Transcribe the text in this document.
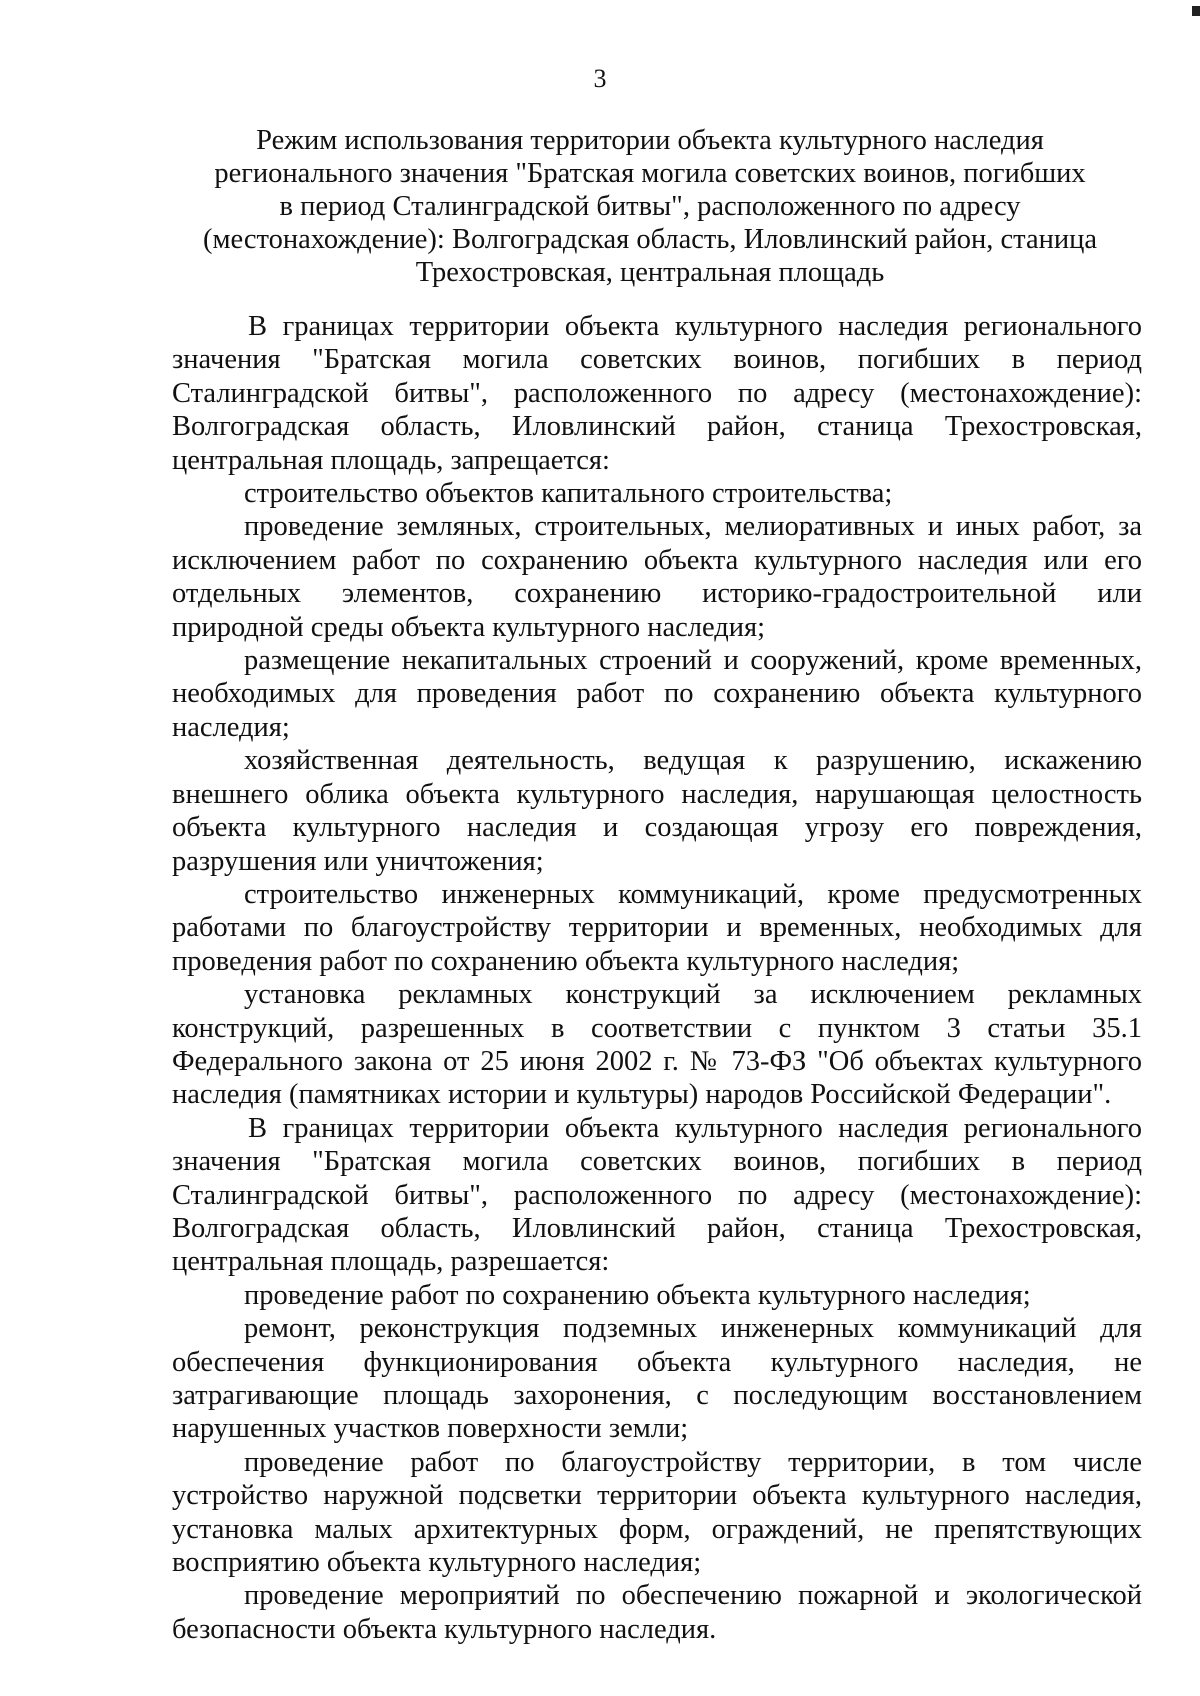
3
Режим использования территории объекта культурного наследия
регионального значения "Братская могила советских воинов, погибших
в период Сталинградской битвы", расположенного по адресу
(местонахождение): Волгоградская область, Иловлинский район, станица
Трехостровская, центральная площадь

В границах территории объекта культурного наследия регионального значения "Братская могила советских воинов, погибших в период Сталинградской битвы", расположенного по адресу (местонахождение): Волгоградская область, Иловлинский район, станица Трехостровская, центральная площадь, запрещается:

строительство объектов капитального строительства;

проведение земляных, строительных, мелиоративных и иных работ, за исключением работ по сохранению объекта культурного наследия или его отдельных элементов, сохранению историко-градостроительной или природной среды объекта культурного наследия;

размещение некапитальных строений и сооружений, кроме временных, необходимых для проведения работ по сохранению объекта культурного наследия;

хозяйственная деятельность, ведущая к разрушению, искажению внешнего облика объекта культурного наследия, нарушающая целостность объекта культурного наследия и создающая угрозу его повреждения, разрушения или уничтожения;

строительство инженерных коммуникаций, кроме предусмотренных работами по благоустройству территории и временных, необходимых для проведения работ по сохранению объекта культурного наследия;

установка рекламных конструкций за исключением рекламных конструкций, разрешенных в соответствии с пунктом 3 статьи 35.1 Федерального закона от 25 июня 2002 г. № 73-ФЗ "Об объектах культурного наследия (памятниках истории и культуры) народов Российской Федерации".

В границах территории объекта культурного наследия регионального значения "Братская могила советских воинов, погибших в период Сталинградской битвы", расположенного по адресу (местонахождение): Волгоградская область, Иловлинский район, станица Трехостровская, центральная площадь, разрешается:

проведение работ по сохранению объекта культурного наследия;

ремонт, реконструкция подземных инженерных коммуникаций для обеспечения функционирования объекта культурного наследия, не затрагивающие площадь захоронения, с последующим восстановлением нарушенных участков поверхности земли;

проведение работ по благоустройству территории, в том числе устройство наружной подсветки территории объекта культурного наследия, установка малых архитектурных форм, ограждений, не препятствующих восприятию объекта культурного наследия;

проведение мероприятий по обеспечению пожарной и экологической безопасности объекта культурного наследия.
